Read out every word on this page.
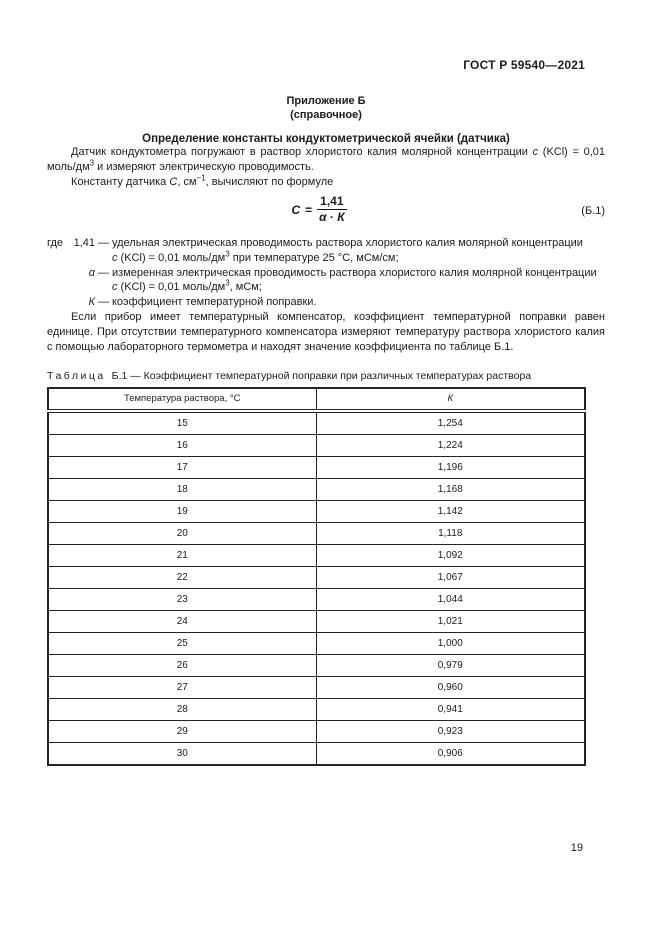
ГОСТ Р 59540—2021
Приложение Б
(справочное)
Определение константы кондуктометрической ячейки (датчика)

Датчик кондуктометра погружают в раствор хлористого калия молярной концентрации с (KCl) = 0,01 моль/$дм^3$ и измеряют электрическую проводимость.

Константу датчика С, $см^{-1}$, вычисляют по формуле

$С = \frac{1,41}{\alpha \cdot К}$	(Б.1)
где 1,41 — удельная электрическая проводимость раствора хлористого калия молярной концентрации
с (KCl) = 0,01 моль/$дм^3$ при температуре 25 °С, мСм/см;
α — измеренная электрическая проводимость раствора хлористого калия молярной концентрации
с (KCl) = 0,01 моль/$дм^3$, мСм;
К — коэффициент температурной поправки.

Если прибор имеет температурный компенсатор, коэффициент температурной поправки равен единице. При отсутствии температурного компенсатора измеряют температуру раствора хлористого калия с помощью лабораторного термометра и находят значение коэффициента по таблице Б.1.

Таблица Б.1 — Коэффициент температурной поправки при различных температурах раствора
Температура раствора, °С	К
15	1,254
16	1,224
17	1,196
18	1,168
19	1,142
20	1,118
21	1,092
22	1,067
23	1,044
24	1,021
25	1,000
26	0,979
27	0,960
28	0,941
29	0,923
30	0,906
19
